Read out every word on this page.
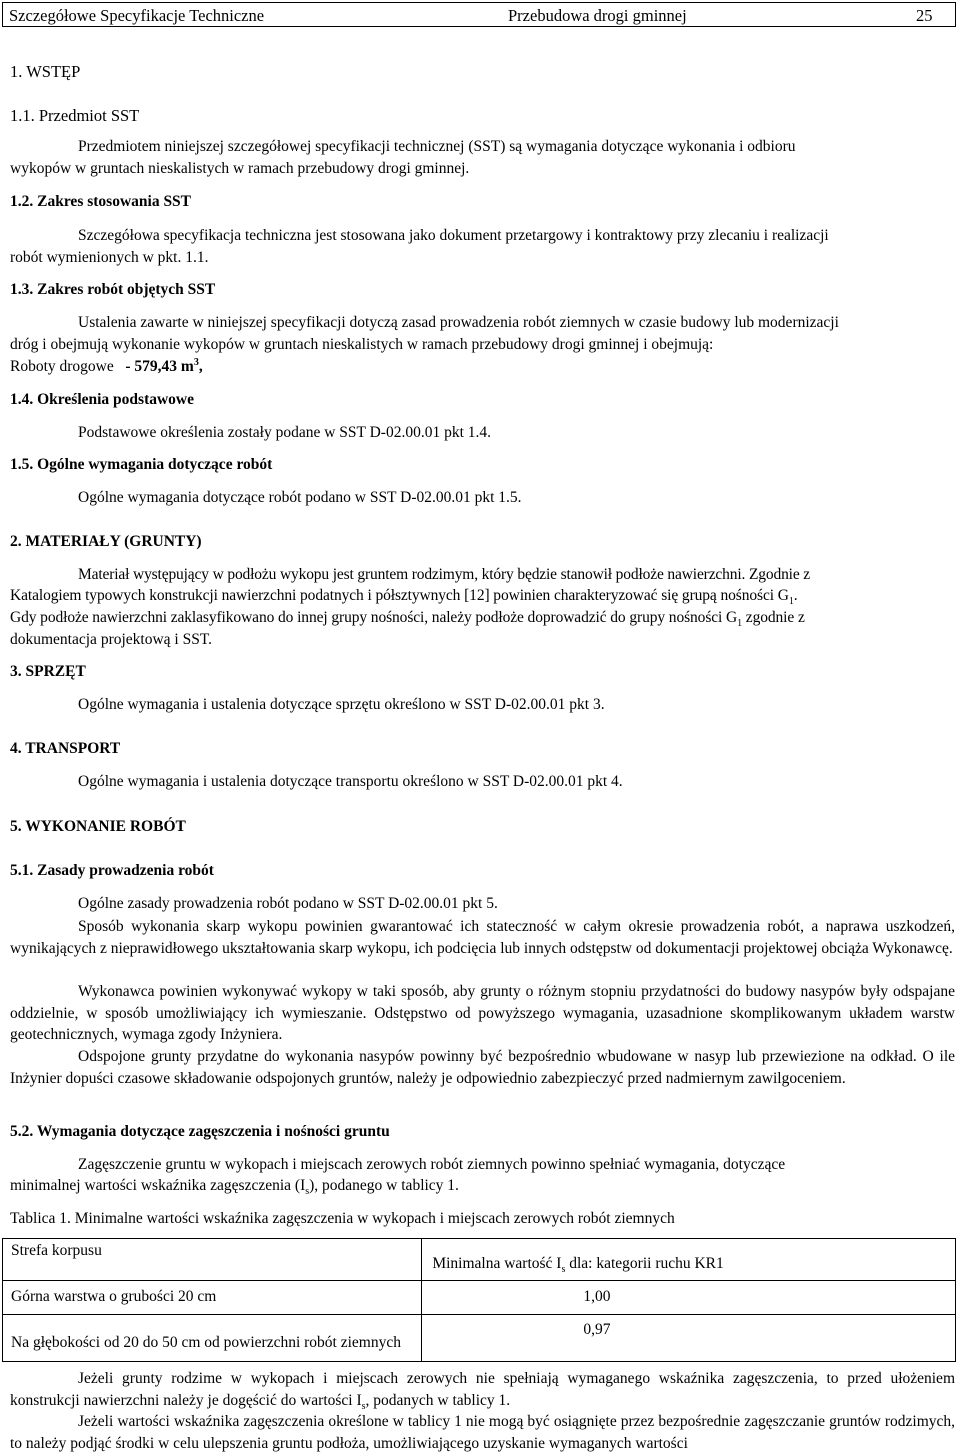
Szczegółowe Specyfikacje Techniczne	Przebudowa drogi gminnej	25
1. WSTĘP
1.1. Przedmiot SST
Przedmiotem niniejszej szczegółowej specyfikacji technicznej (SST) są wymagania dotyczące wykonania i odbioru
wykopów w gruntach nieskalistych w ramach przebudowy drogi gminnej.
1.2. Zakres stosowania SST
Szczegółowa specyfikacja techniczna jest stosowana jako dokument przetargowy i kontraktowy przy zlecaniu i realizacji
robót wymienionych w pkt. 1.1.
1.3. Zakres robót objętych SST
Ustalenia zawarte w niniejszej specyfikacji dotyczą zasad prowadzenia robót ziemnych w czasie budowy lub modernizacji
dróg i obejmują wykonanie wykopów w gruntach nieskalistych w ramach przebudowy drogi gminnej i obejmują:
Roboty drogowe - 579,43 $m^3$,
1.4. Określenia podstawowe
Podstawowe określenia zostały podane w SST D-02.00.01 pkt 1.4.
1.5. Ogólne wymagania dotyczące robót
Ogólne wymagania dotyczące robót podano w SST D-02.00.01 pkt 1.5.
2. MATERIAŁY (GRUNTY)
Materiał występujący w podłożu wykopu jest gruntem rodzimym, który będzie stanowił podłoże nawierzchni. Zgodnie z
Katalogiem typowych konstrukcji nawierzchni podatnych i półsztywnych [12] powinien charakteryzować się grupą nośności $G_1$.
Gdy podłoże nawierzchni zaklasyfikowano do innej grupy nośności, należy podłoże doprowadzić do grupy nośności $G_1$ zgodnie z
dokumentacja projektową i SST.
3. SPRZĘT
Ogólne wymagania i ustalenia dotyczące sprzętu określono w SST D-02.00.01 pkt 3.
4. TRANSPORT
Ogólne wymagania i ustalenia dotyczące transportu określono w SST D-02.00.01 pkt 4.
5. WYKONANIE ROBÓT
5.1. Zasady prowadzenia robót
Ogólne zasady prowadzenia robót podano w SST D-02.00.01 pkt 5.
Sposób wykonania skarp wykopu powinien gwarantować ich stateczność w całym okresie prowadzenia robót, a naprawa uszkodzeń, wynikających z nieprawidłowego ukształtowania skarp wykopu, ich podcięcia lub innych odstępstw od dokumentacji projektowej obciąża Wykonawcę.
Wykonawca powinien wykonywać wykopy w taki sposób, aby grunty o różnym stopniu przydatności do budowy nasypów były odspajane oddzielnie, w sposób umożliwiający ich wymieszanie. Odstępstwo od powyższego wymagania, uzasadnione skomplikowanym układem warstw geotechnicznych, wymaga zgody Inżyniera.
Odspojone grunty przydatne do wykonania nasypów powinny być bezpośrednio wbudowane w nasyp lub przewiezione na odkład. O ile Inżynier dopuści czasowe składowanie odspojonych gruntów, należy je odpowiednio zabezpieczyć przed nadmiernym zawilgoceniem.
5.2. Wymagania dotyczące zagęszczenia i nośności gruntu
Zagęszczenie gruntu w wykopach i miejscach zerowych robót ziemnych powinno spełniać wymagania, dotyczące
minimalnej wartości wskaźnika zagęszczenia $(I_s)$, podanego w tablicy 1.
Tablica 1. Minimalne wartości wskaźnika zagęszczenia w wykopach i miejscach zerowych robót ziemnych
Strefa korpusu	Minimalna wartość $I_s$ dla: kategorii ruchu KR1

Górna warstwa o grubości 20 cm	1,00

Na głębokości od 20 do 50 cm od powierzchni robót ziemnych	0,97
Jeżeli grunty rodzime w wykopach i miejscach zerowych nie spełniają wymaganego wskaźnika zagęszczenia, to przed ułożeniem konstrukcji nawierzchni należy je dogęścić do wartości $I_s$, podanych w tablicy 1.
Jeżeli wartości wskaźnika zagęszczenia określone w tablicy 1 nie mogą być osiągnięte przez bezpośrednie zagęszczanie gruntów rodzimych, to należy podjąć środki w celu ulepszenia gruntu podłoża, umożliwiającego uzyskanie wymaganych wartości
